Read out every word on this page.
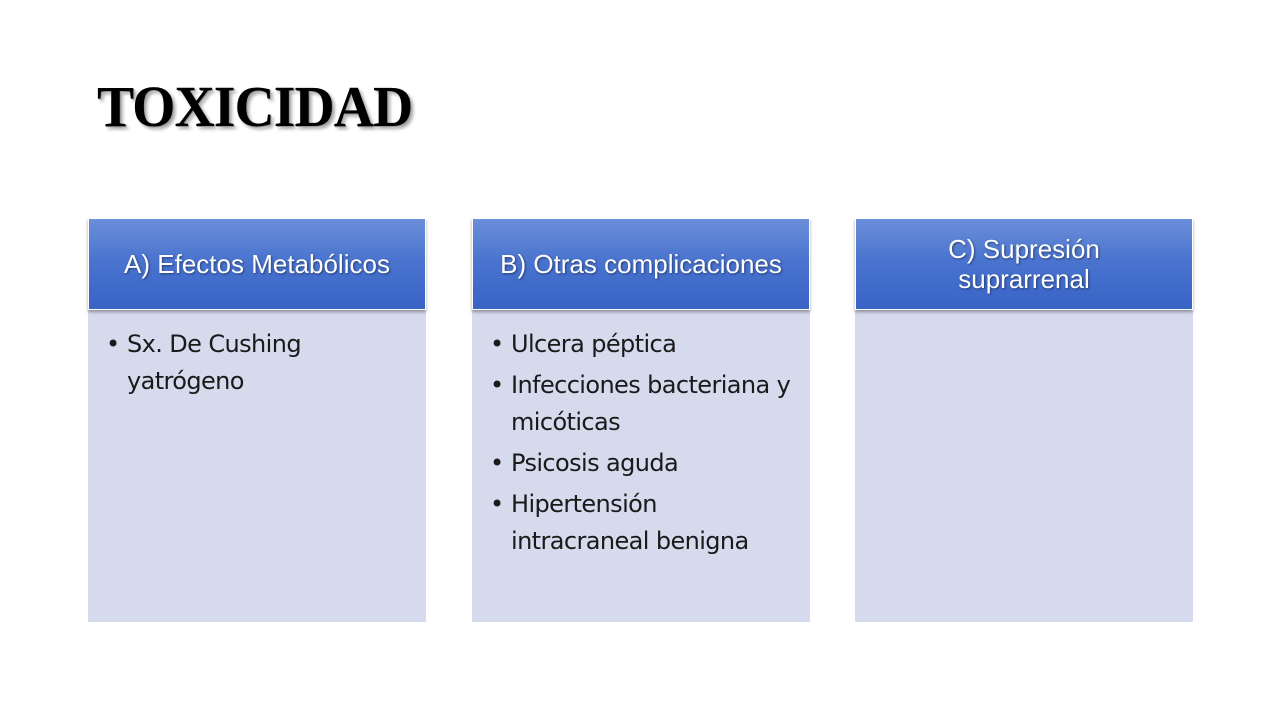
TOXICIDAD
A) Efectos Metabólicos
• Sx. De Cushing yatrógeno
B) Otras complicaciones
• Ulcera péptica
• Infecciones bacteriana y micóticas
• Psicosis aguda
• Hipertensión intracraneal benigna
C) Supresión suprarrenal
